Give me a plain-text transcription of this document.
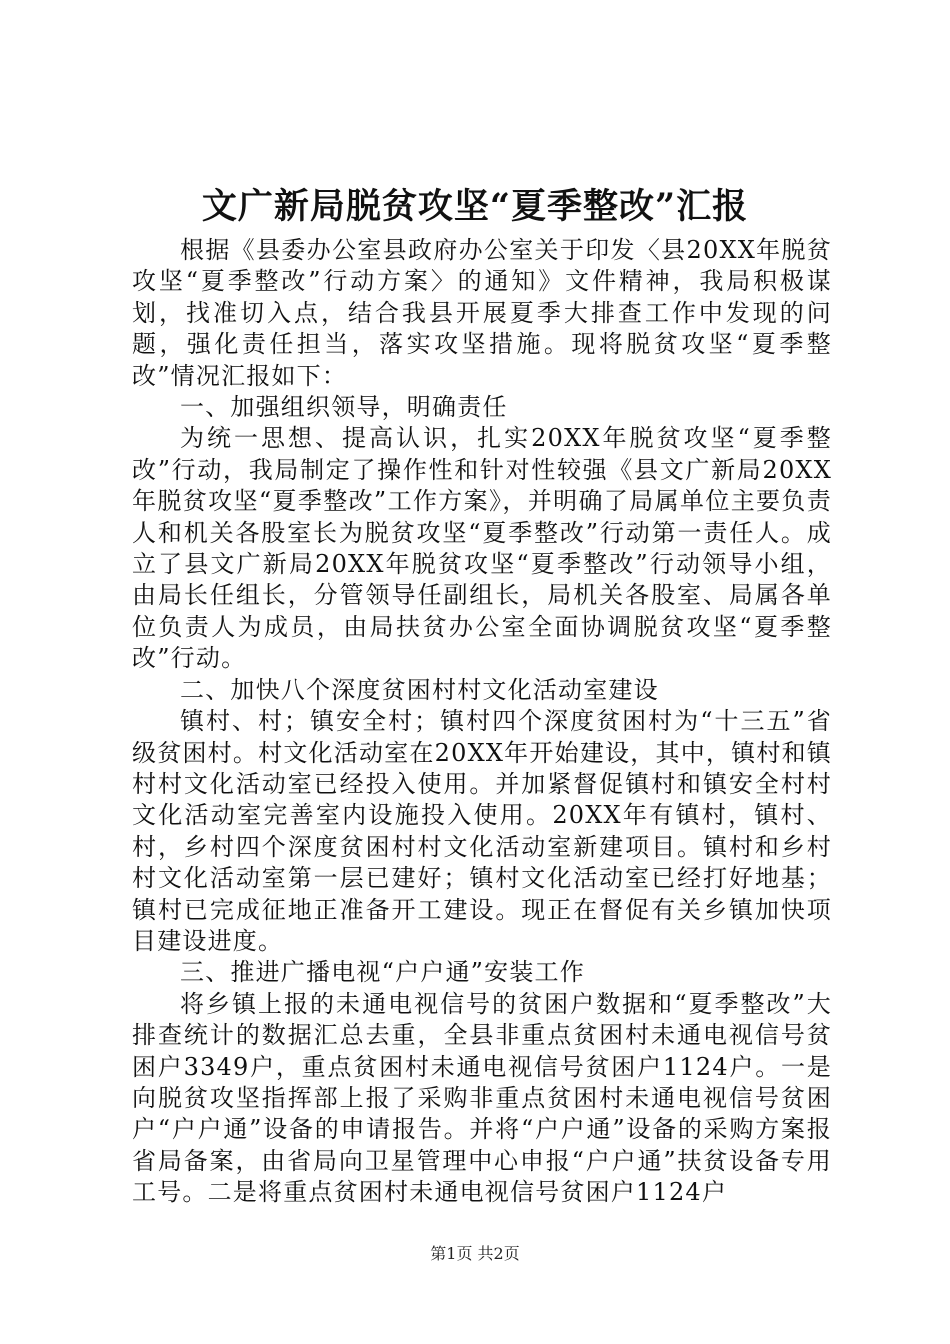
文广新局脱贫攻坚“夏季整改”汇报

根据《县委办公室县政府办公室关于印发〈县20XX年脱贫攻坚“夏季整改”行动方案〉的通知》文件精神，我局积极谋划，找准切入点，结合我县开展夏季大排查工作中发现的问题，强化责任担当，落实攻坚措施。现将脱贫攻坚“夏季整改”情况汇报如下：

一、加强组织领导，明确责任

为统一思想、提高认识，扎实20XX年脱贫攻坚“夏季整改”行动，我局制定了操作性和针对性较强《县文广新局20XX年脱贫攻坚“夏季整改”工作方案》，并明确了局属单位主要负责人和机关各股室长为脱贫攻坚“夏季整改”行动第一责任人。成立了县文广新局20XX年脱贫攻坚“夏季整改”行动领导小组，由局长任组长，分管领导任副组长，局机关各股室、局属各单位负责人为成员，由局扶贫办公室全面协调脱贫攻坚“夏季整改”行动。

二、加快八个深度贫困村村文化活动室建设

镇村、村；镇安全村；镇村四个深度贫困村为“十三五”省级贫困村。村文化活动室在20XX年开始建设，其中，镇村和镇村村文化活动室已经投入使用。并加紧督促镇村和镇安全村村文化活动室完善室内设施投入使用。20XX年有镇村，镇村、村，乡村四个深度贫困村村文化活动室新建项目。镇村和乡村村文化活动室第一层已建好；镇村文化活动室已经打好地基；镇村已完成征地正准备开工建设。现正在督促有关乡镇加快项目建设进度。

三、推进广播电视“户户通”安装工作

将乡镇上报的未通电视信号的贫困户数据和“夏季整改”大排查统计的数据汇总去重，全县非重点贫困村未通电视信号贫困户3349户，重点贫困村未通电视信号贫困户1124户。一是向脱贫攻坚指挥部上报了采购非重点贫困村未通电视信号贫困户“户户通”设备的申请报告。并将“户户通”设备的采购方案报省局备案，由省局向卫星管理中心申报“户户通”扶贫设备专用工号。二是将重点贫困村未通电视信号贫困户1124户

第1页 共2页
